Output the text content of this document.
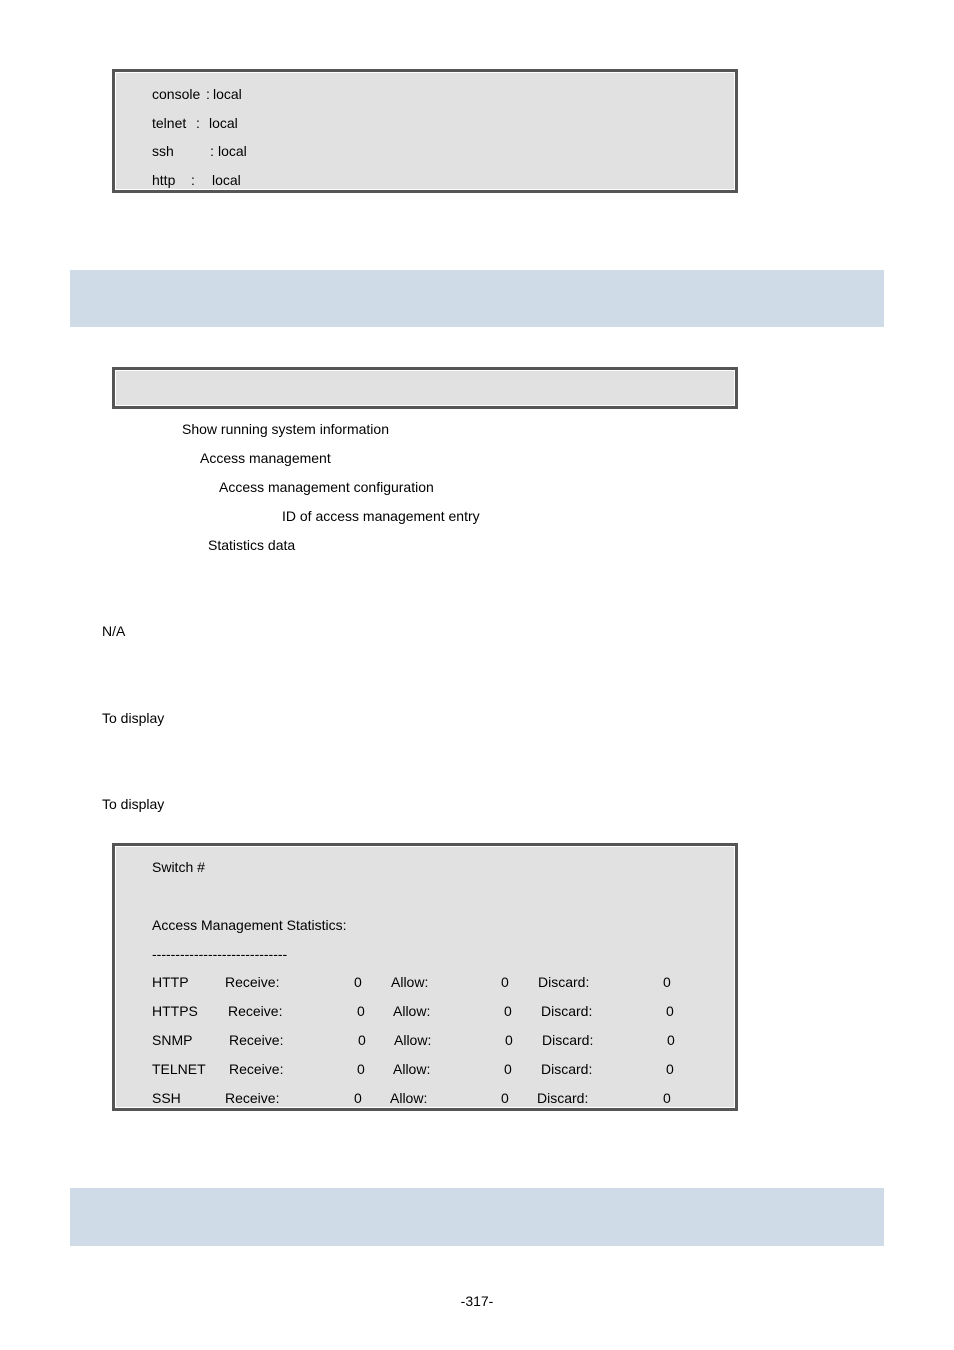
console : local
telnet : local
ssh	: local
http : local
Show running system information
Access management
Access management configuration
ID of access management entry
Statistics data
N/A
To display
To display
Switch #
Access Management Statistics:
-----------------------------
HTTP	Receive:	0 Allow:	0 Discard:	0
HTTPS Receive:	0 Allow:	0 Discard:	0
SNMP	Receive:	0 Allow:	0 Discard:	0
TELNET Receive:	0 Allow:	0 Discard:	0
SSH	Receive:	0 Allow:	0 Discard:	0
-317-
